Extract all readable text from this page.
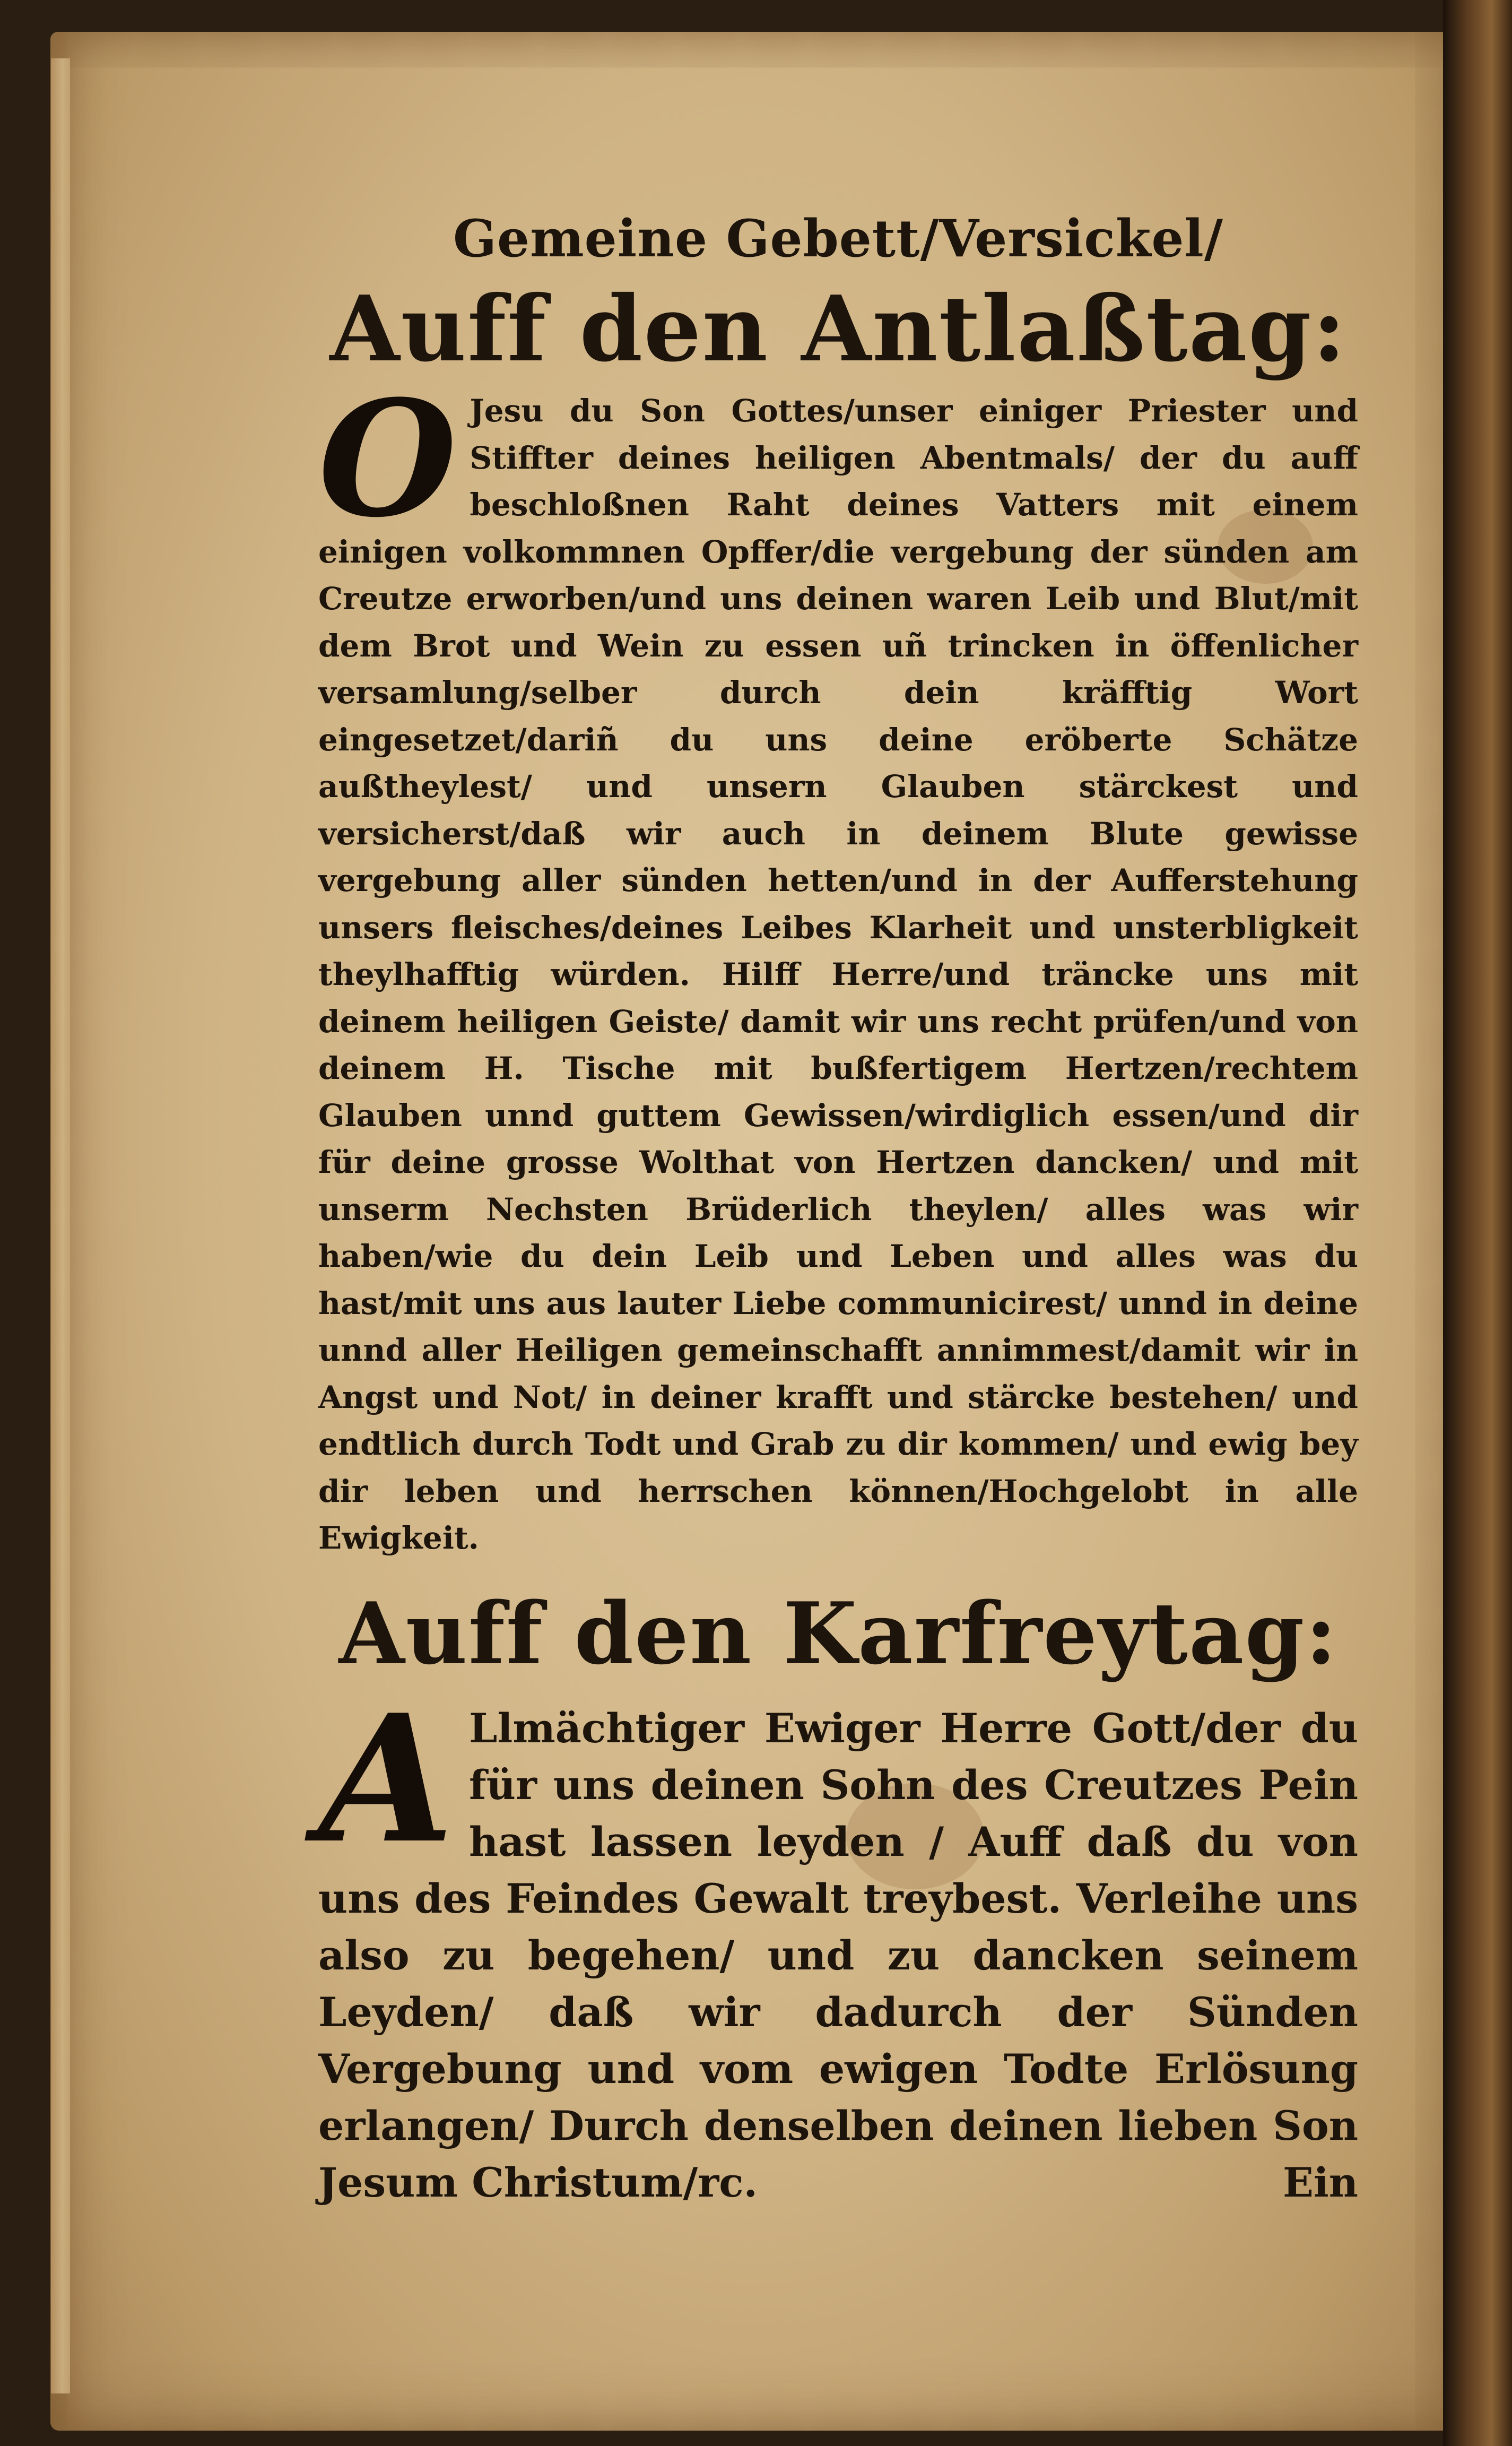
Gemeine Gebett/Versickel/
Auff den Antlaßtag:

O Jesu du Son Gottes/unser einiger Priester und Stiffter deines heiligen Abentmals/ der du auff beschloßnen Raht deines Vatters mit einem einigen volkommnen Opffer/die vergebung der sünden am Creutze erworben/und uns deinen waren Leib und Blut/mit dem Brot und Wein zu essen uñ trincken in öffenlicher versamlung/selber durch dein kräfftig Wort eingesetzet/dariñ du uns deine eröberte Schätze außtheylest/ und unsern Glauben stärckest und versicherst/daß wir auch in deinem Blute gewisse vergebung aller sünden hetten/und in der Aufferstehung unsers fleisches/deines Leibes Klarheit und unsterbligkeit theylhafftig würden. Hilff Herre/und träncke uns mit deinem heiligen Geiste/ damit wir uns recht prüfen/und von deinem H. Tische mit bußfertigem Hertzen/rechtem Glauben unnd guttem Gewissen/wirdiglich essen/und dir für deine grosse Wolthat von Hertzen dancken/ und mit unserm Nechsten Brüderlich theylen/ alles was wir haben/wie du dein Leib und Leben und alles was du hast/mit uns aus lauter Liebe communicirest/ unnd in deine unnd aller Heiligen gemeinschafft annimmest/damit wir in Angst und Not/ in deiner krafft und stärcke bestehen/ und endtlich durch Todt und Grab zu dir kommen/ und ewig bey dir leben und herrschen können/Hochgelobt in alle Ewigkeit.

Auff den Karfreytag:

A Llmächtiger Ewiger Herre Gott/der du für uns deinen Sohn des Creutzes Pein hast lassen leyden / Auff daß du von uns des Feindes Gewalt treybest. Verleihe uns also zu begehen/ und zu dancken seinem Leyden/ daß wir dadurch der Sünden Vergebung und vom ewigen Todte Erlösung erlangen/ Durch denselben deinen lieben Son Jesum Christum/rc.	Ein
